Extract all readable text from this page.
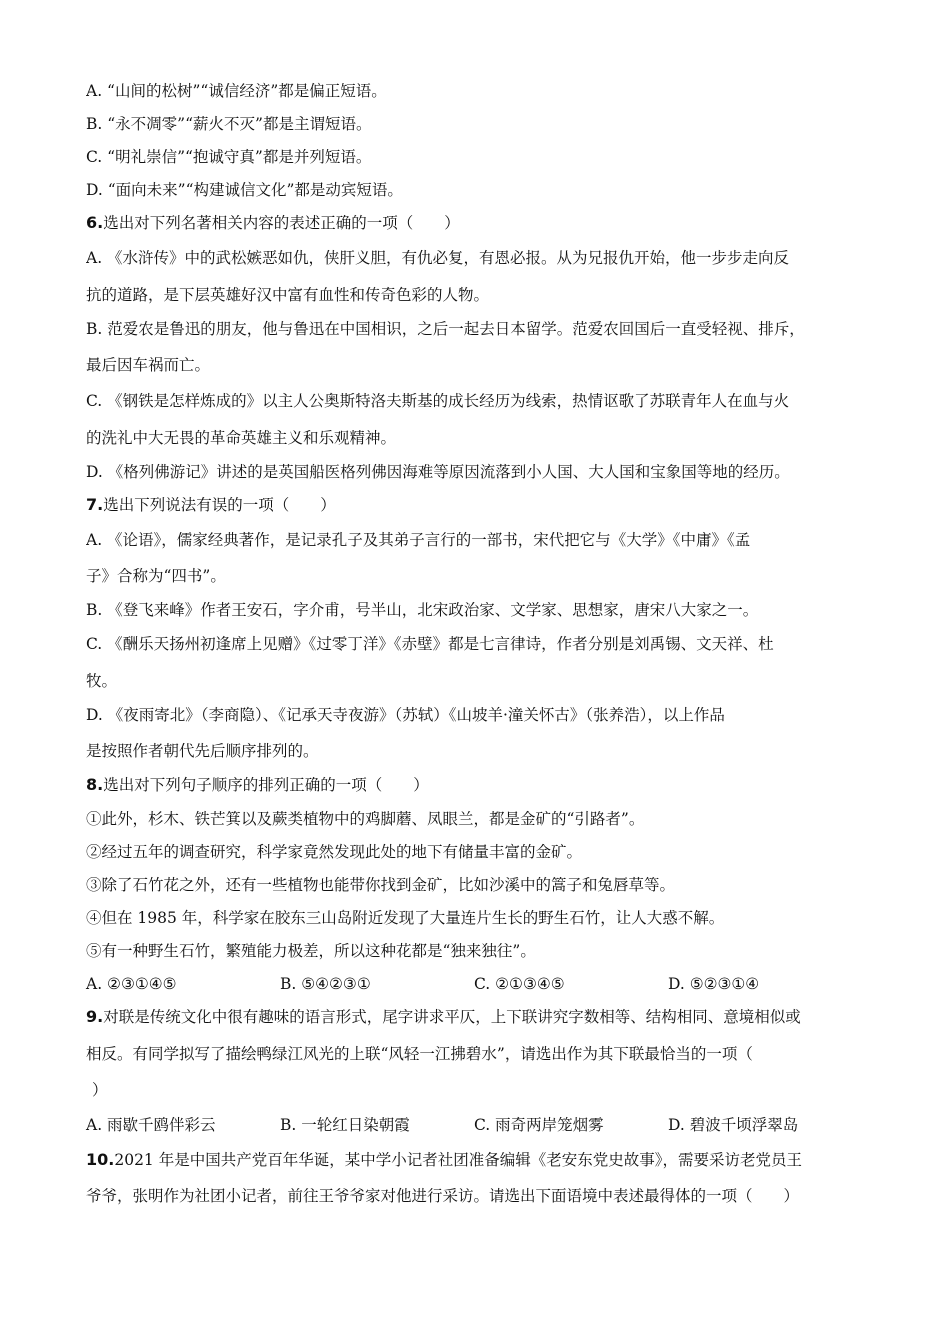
A. “山间的松树”“诚信经济”都是偏正短语。
B. “永不凋零”“薪火不灭”都是主谓短语。
C. “明礼崇信”“抱诚守真”都是并列短语。
D. “面向未来”“构建诚信文化”都是动宾短语。
6.选出对下列名著相关内容的表述正确的一项（　　）
A. 《水浒传》中的武松嫉恶如仇，侠肝义胆，有仇必复，有恩必报。从为兄报仇开始，他一步步走向反
抗的道路，是下层英雄好汉中富有血性和传奇色彩的人物。
B. 范爱农是鲁迅的朋友，他与鲁迅在中国相识，之后一起去日本留学。范爱农回国后一直受轻视、排斥，
最后因车祸而亡。
C. 《钢铁是怎样炼成的》以主人公奥斯特洛夫斯基的成长经历为线索，热情讴歌了苏联青年人在血与火
的洗礼中大无畏的革命英雄主义和乐观精神。
D. 《格列佛游记》讲述的是英国船医格列佛因海难等原因流落到小人国、大人国和宝象国等地的经历。
7.选出下列说法有误的一项（　　）
A. 《论语》，儒家经典著作，是记录孔子及其弟子言行的一部书，宋代把它与《大学》《中庸》《孟
子》合称为“四书”。
B. 《登飞来峰》作者王安石，字介甫，号半山，北宋政治家、文学家、思想家，唐宋八大家之一。
C. 《酬乐天扬州初逢席上见赠》《过零丁洋》《赤壁》都是七言律诗，作者分别是刘禹锡、文天祥、杜
牧。
D. 《夜雨寄北》（李商隐）、《记承天寺夜游》（苏轼）《山坡羊·潼关怀古》（张养浩），以上作品
是按照作者朝代先后顺序排列的。
8.选出对下列句子顺序的排列正确的一项（　　）
①此外，杉木、铁芒箕以及蕨类植物中的鸡脚蘑、凤眼兰，都是金矿的“引路者”。
②经过五年的调查研究，科学家竟然发现此处的地下有储量丰富的金矿。
③除了石竹花之外，还有一些植物也能带你找到金矿，比如沙溪中的篙子和兔唇草等。
④但在 1985 年，科学家在胶东三山岛附近发现了大量连片生长的野生石竹，让人大惑不解。
⑤有一种野生石竹，繁殖能力极差，所以这种花都是“独来独往”。
A. ②③①④⑤	B. ⑤④②③①	C. ②①③④⑤	D. ⑤②③①④
9.对联是传统文化中很有趣味的语言形式，尾字讲求平仄，上下联讲究字数相等、结构相同、意境相似或
相反。有同学拟写了描绘鸭绿江风光的上联“风轻一江拂碧水”，请选出作为其下联最恰当的一项（
）
A. 雨歇千鸥伴彩云	B. 一轮红日染朝霞	C. 雨奇两岸笼烟雾	D. 碧波千顷浮翠岛
10.2021 年是中国共产党百年华诞，某中学小记者社团准备编辑《老安东党史故事》，需要采访老党员王
爷爷，张明作为社团小记者，前往王爷爷家对他进行采访。请选出下面语境中表述最得体的一项（　　）
